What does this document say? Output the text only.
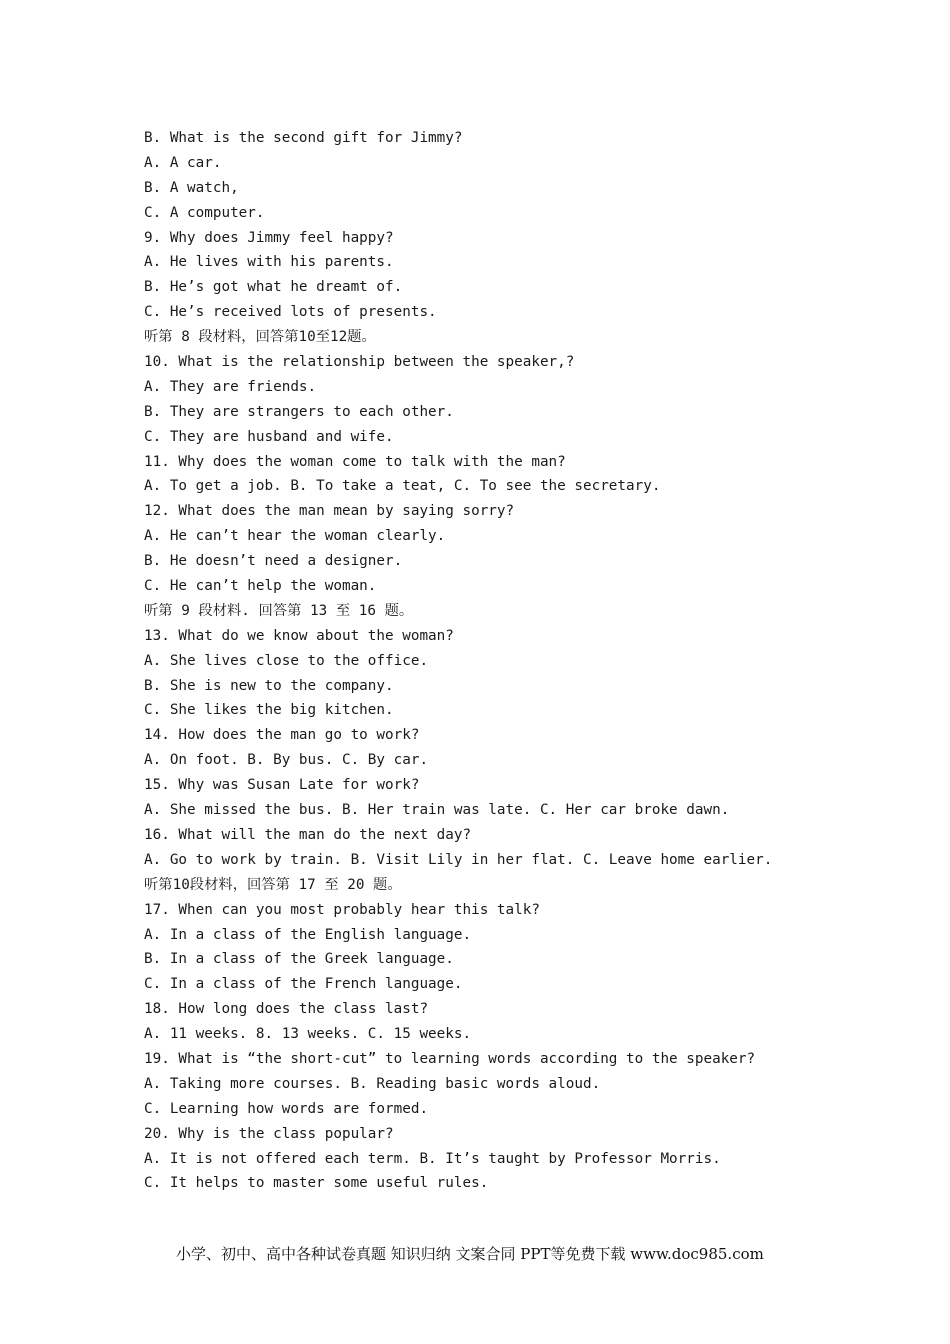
B. What is the second gift for Jimmy?
A. A car.
B. A watch,
C. A computer.
9. Why does Jimmy feel happy?
A. He lives with his parents.
B. He’s got what he dreamt of.
C. He’s received lots of presents.
听第 8 段材料，回答第10至12题。
10. What is the relationship between the speaker,?
A. They are friends.
B. They are strangers to each other.
C. They are husband and wife.
11. Why does the woman come to talk with the man?
A. To get a job. B. To take a teat, C. To see the secretary.
12. What does the man mean by saying sorry?
A. He can’t hear the woman clearly.
B. He doesn’t need a designer.
C. He can’t help the woman.
听第 9 段材料. 回答第 13 至 16 题。
13. What do we know about the woman?
A. She lives close to the office.
B. She is new to the company.
C. She likes the big kitchen.
14. How does the man go to work?
A. On foot. B. By bus. C. By car.
15. Why was Susan Late for work?
A. She missed the bus. B. Her train was late. C. Her car broke dawn.
16. What will the man do the next day?
A. Go to work by train. B. Visit Lily in her flat. C. Leave home earlier.
听第10段材料，回答第 17 至 20 题。
17. When can you most probably hear this talk?
A. In a class of the English language.
B. In a class of the Greek language.
C. In a class of the French language.
18. How long does the class last?
A. 11 weeks. 8. 13 weeks. C. 15 weeks.
19. What is “the short-cut” to learning words according to the speaker?
A. Taking more courses. B. Reading basic words aloud.
C. Learning how words are formed.
20. Why is the class popular?
A. It is not offered each term. B. It’s taught by Professor Morris.
C. It helps to master some useful rules.
小学、初中、高中各种试卷真题 知识归纳 文案合同 PPT等免费下载 www.doc985.com
